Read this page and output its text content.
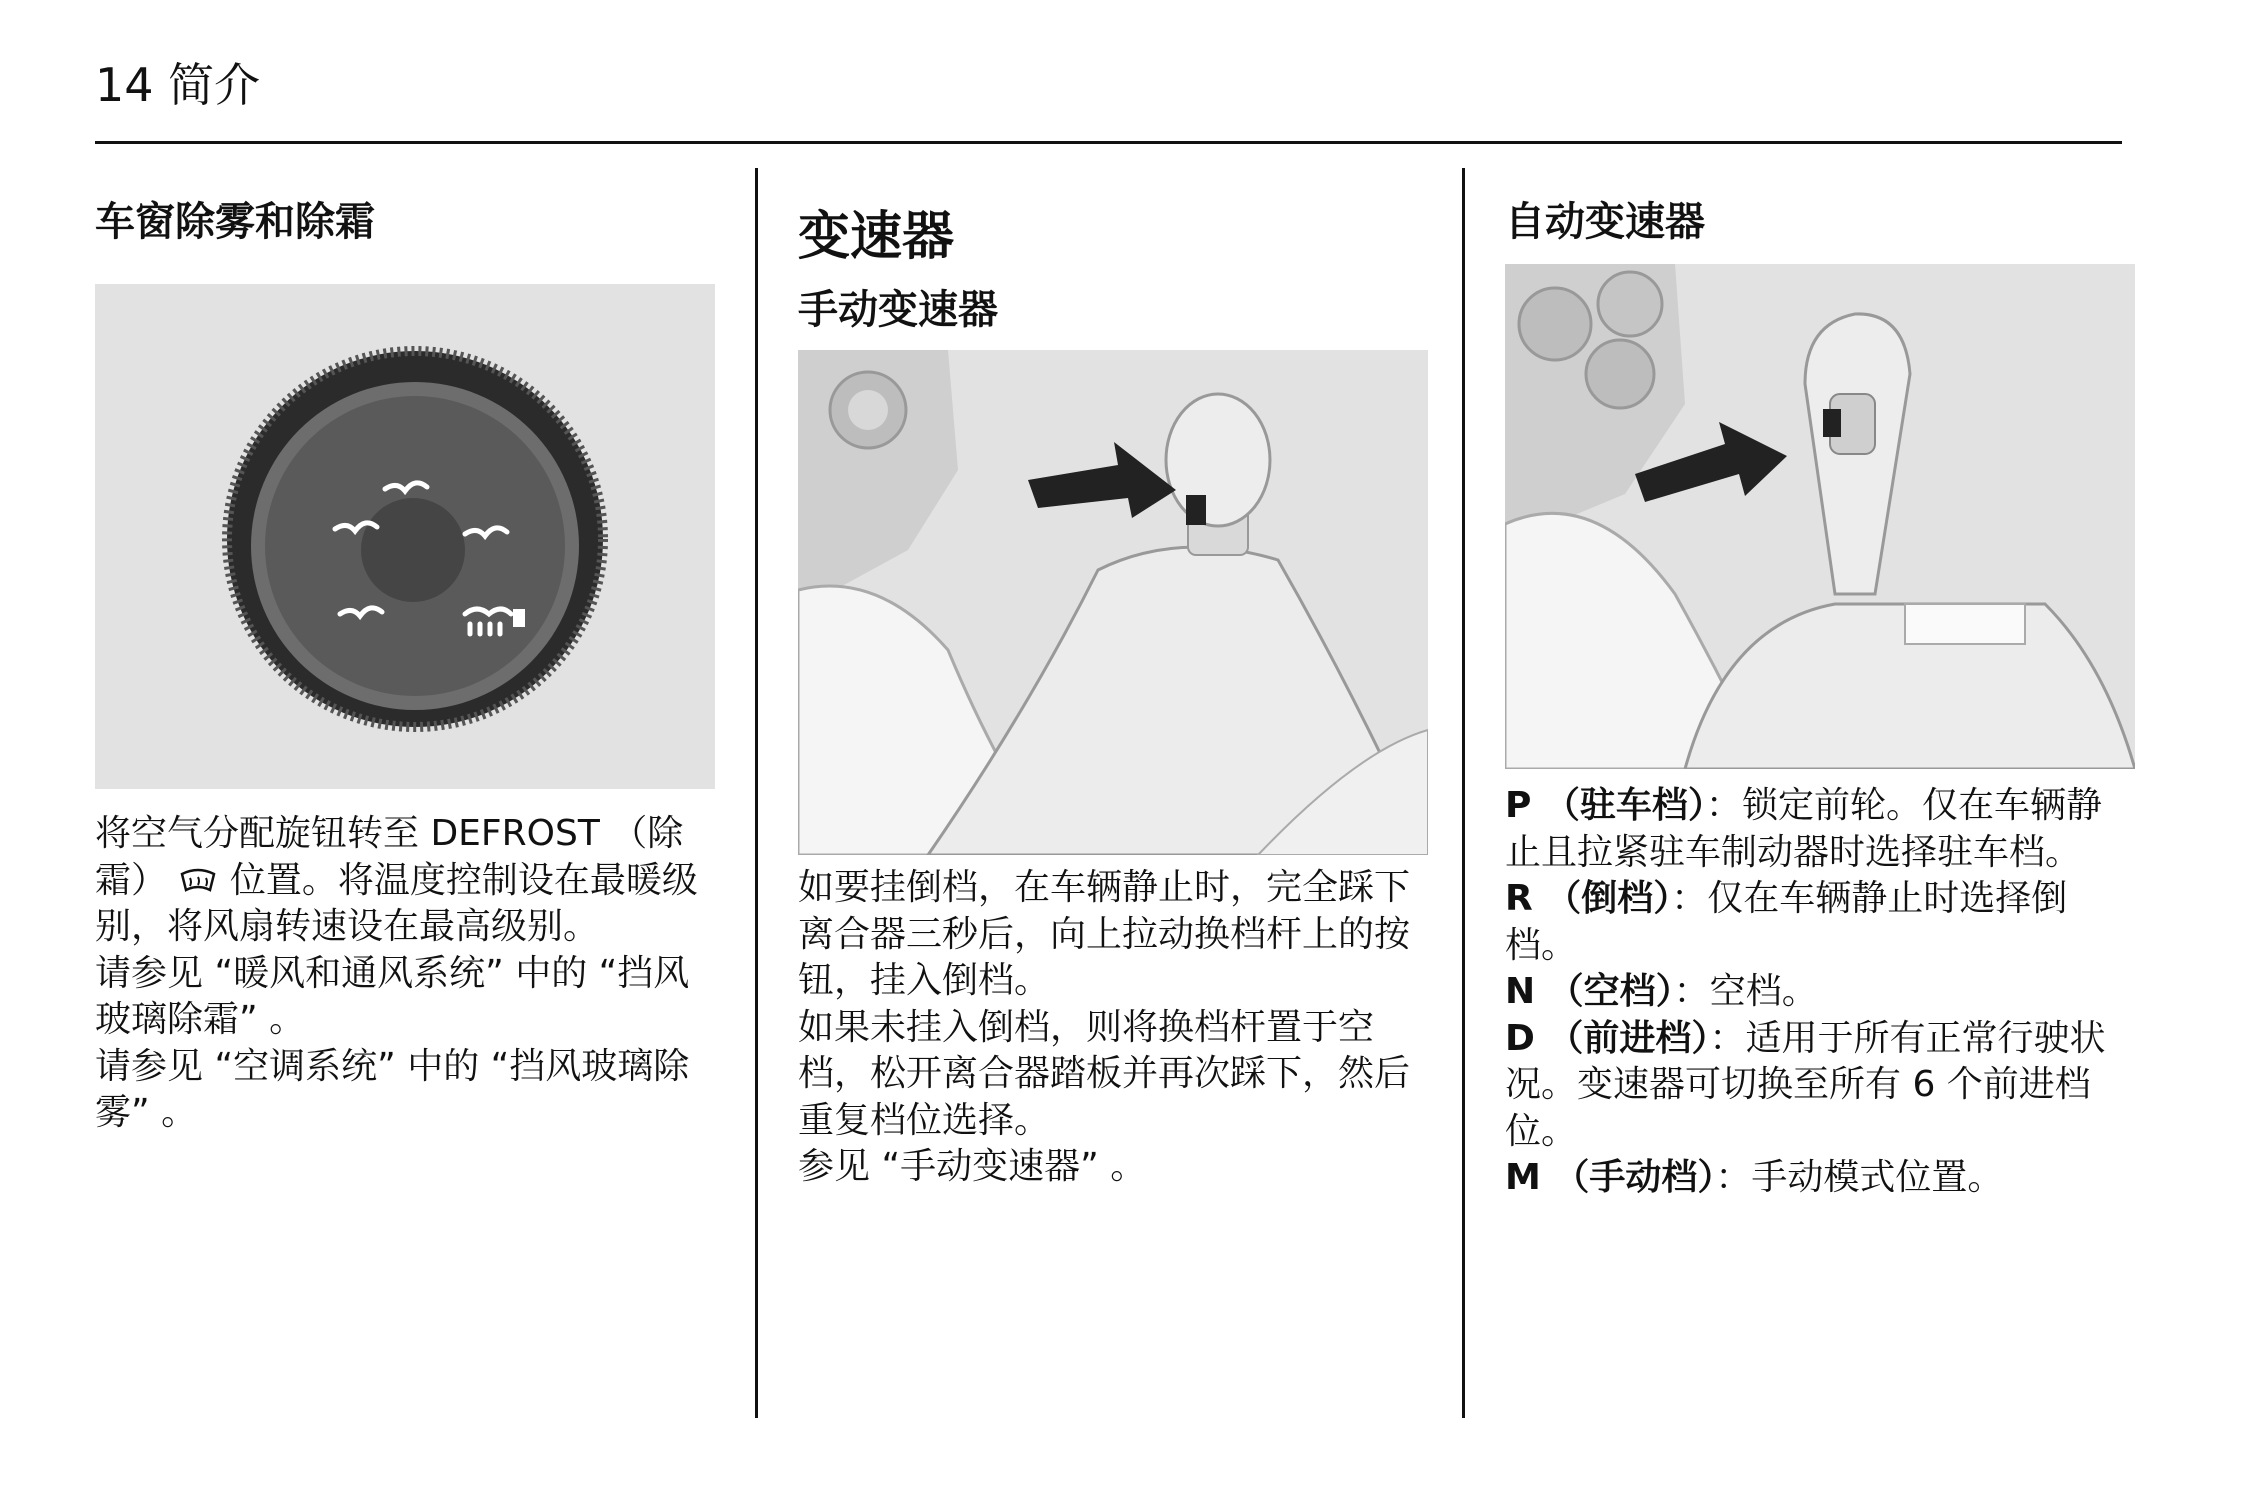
14 简介
车窗除雾和除霜

将空气分配旋钮转至 DEFROST （除霜）  位置。将温度控制设在最暖级别，将风扇转速设在最高级别。

请参见 “暖风和通风系统” 中的 “挡风玻璃除霜” 。

请参见 “空调系统” 中的 “挡风玻璃除雾” 。

变速器
手动变速器

如要挂倒档，在车辆静止时，完全踩下离合器三秒后，向上拉动换档杆上的按钮，挂入倒档。

如果未挂入倒档，则将换档杆置于空档，松开离合器踏板并再次踩下，然后重复档位选择。

参见 “手动变速器” 。

自动变速器

P （驻车档）：锁定前轮。仅在车辆静止且拉紧驻车制动器时选择驻车档。

R （倒档）：仅在车辆静止时选择倒档。

N （空档）：空档。

D （前进档）：适用于所有正常行驶状况。变速器可切换至所有 6 个前进档位。

M （手动档）：手动模式位置。
